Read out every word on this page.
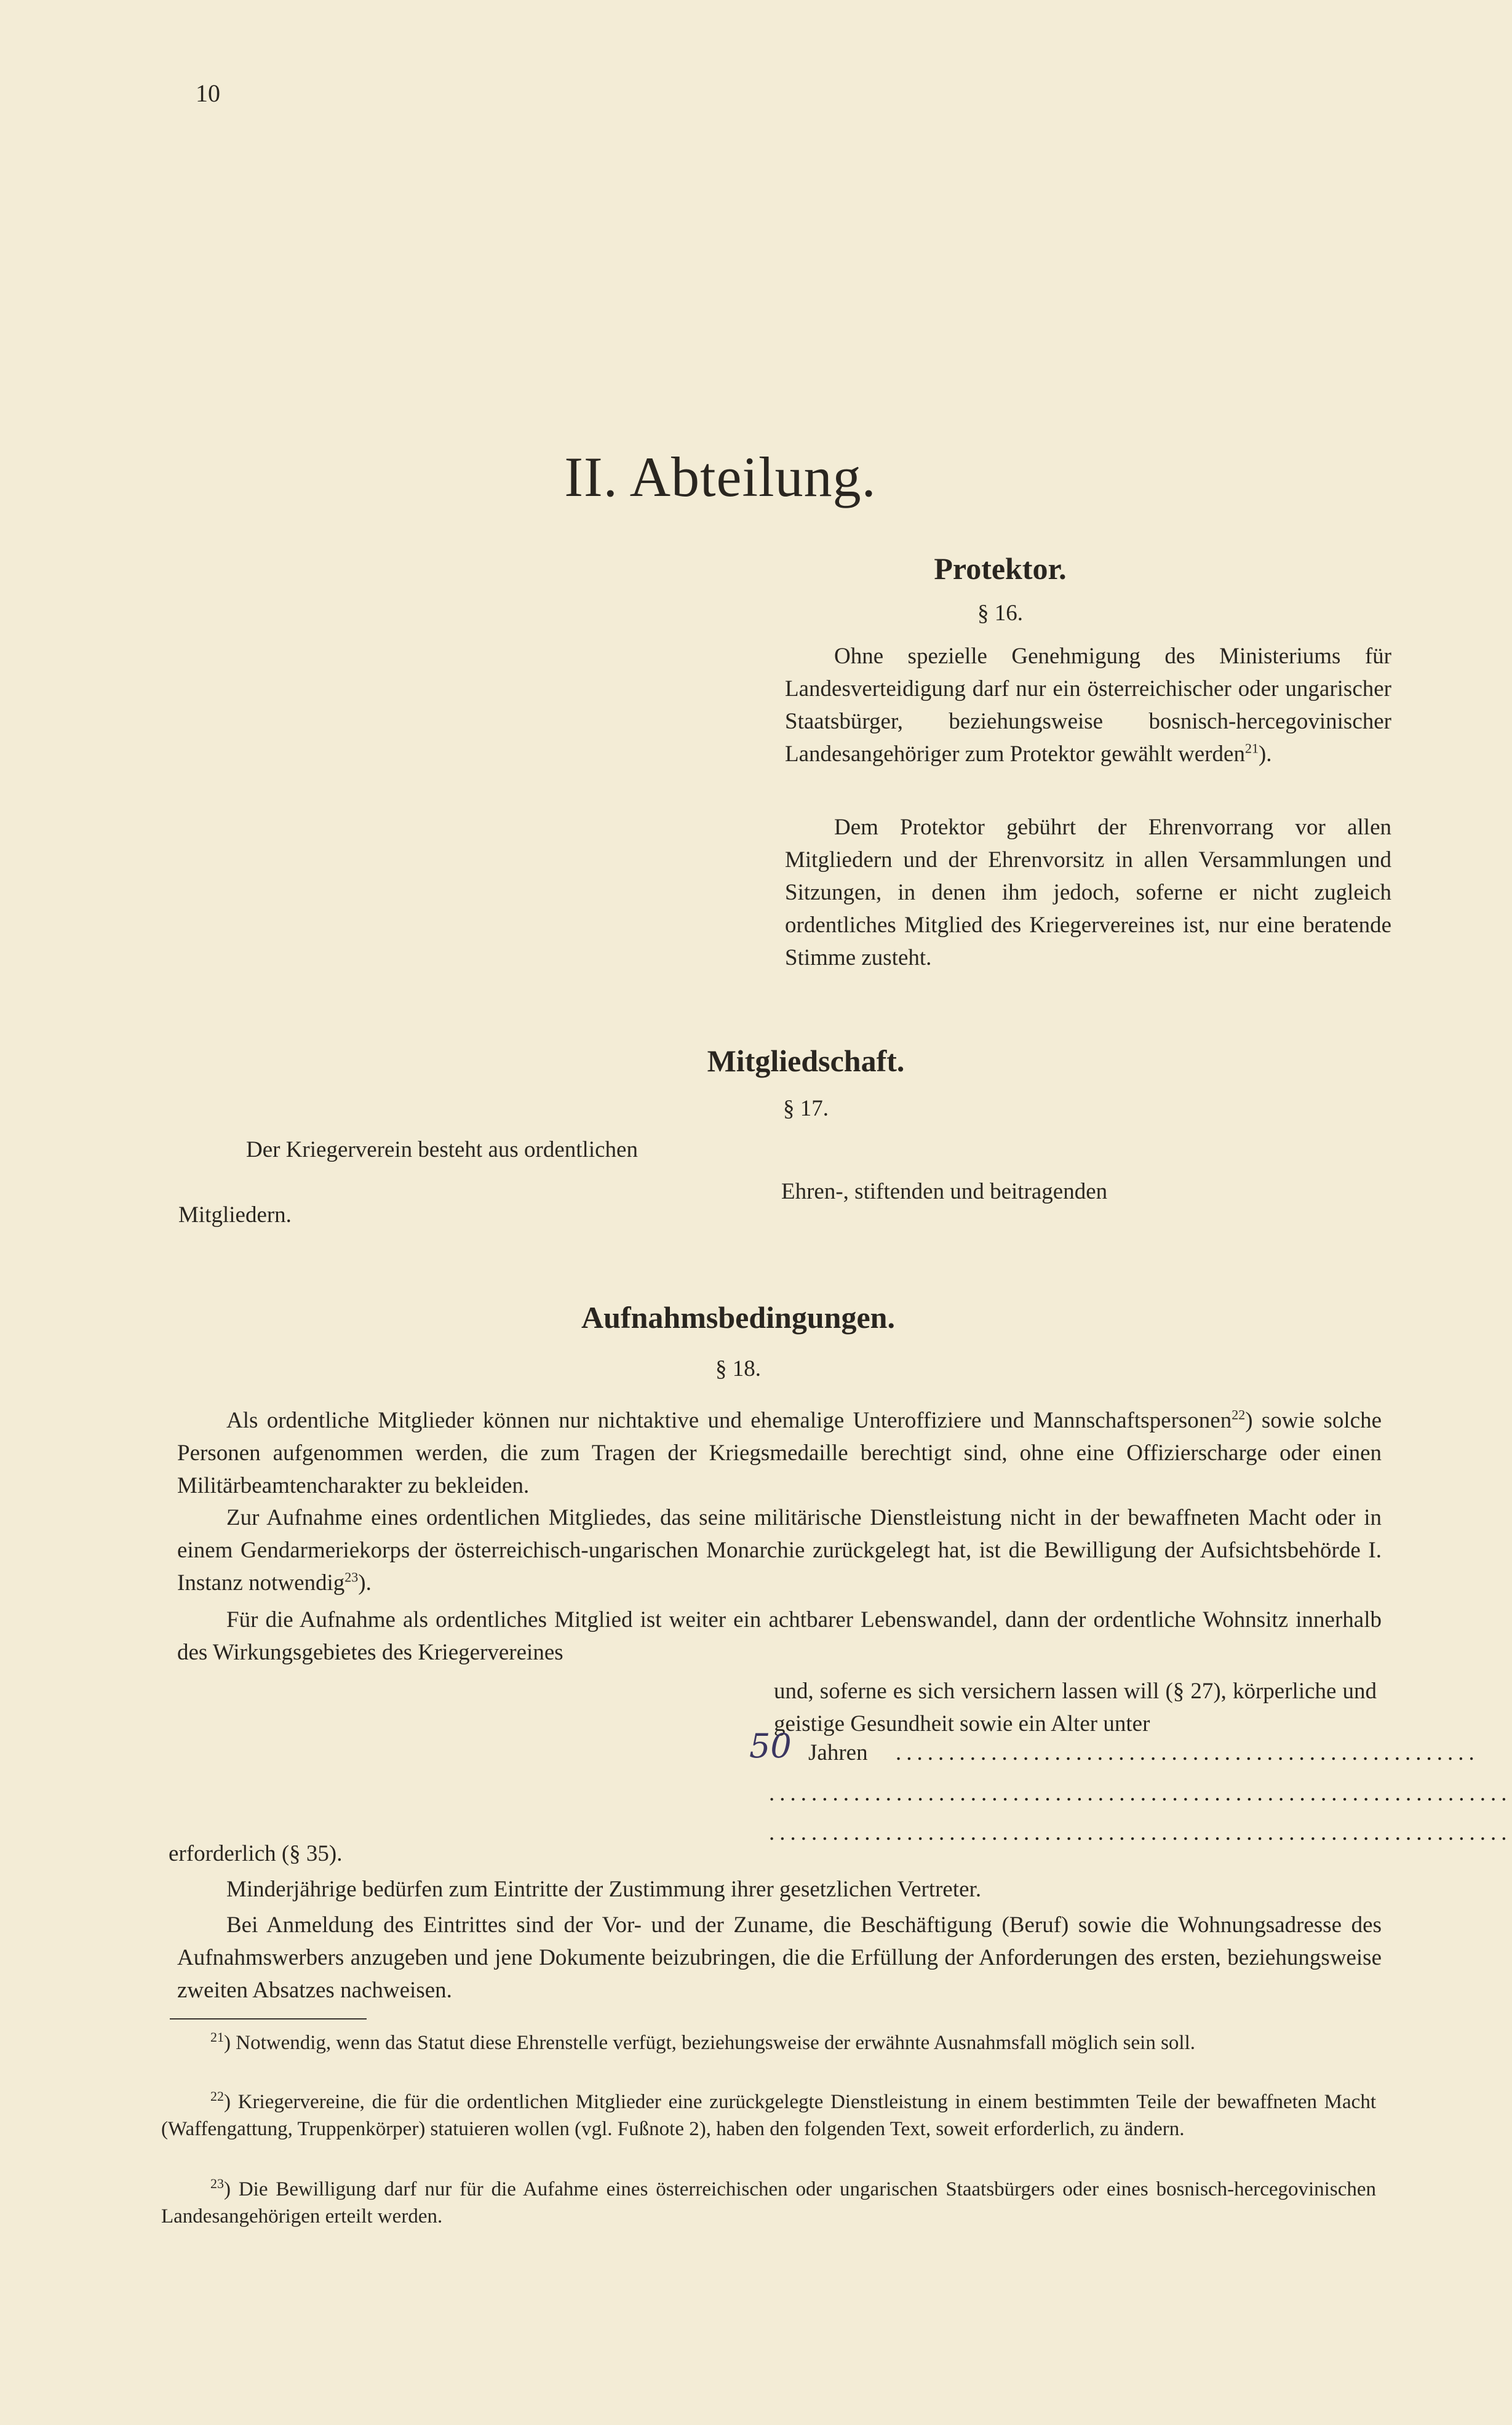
10
II. Abteilung.
Protektor.
§ 16.
Ohne spezielle Genehmigung des Ministeriums für Landesverteidigung darf nur ein österreichischer oder ungarischer Staatsbürger, beziehungsweise bosnisch-hercegovinischer Landesangehöriger zum Protektor gewählt werden$^{21}$).
Dem Protektor gebührt der Ehrenvorrang vor allen Mitgliedern und der Ehrenvorsitz in allen Versammlungen und Sitzungen, in denen ihm jedoch, soferne er nicht zugleich ordentliches Mitglied des Kriegervereines ist, nur eine beratende Stimme zusteht.
Mitgliedschaft.
§ 17.
Der Kriegerverein besteht aus ordentlichen
Ehren-, stiftenden und beitragenden
Mitgliedern.
Aufnahmsbedingungen.
§ 18.
Als ordentliche Mitglieder können nur nichtaktive und ehemalige Unteroffiziere und Mannschaftspersonen$^{22}$) sowie solche Personen aufgenommen werden, die zum Tragen der Kriegsmedaille berechtigt sind, ohne eine Offizierscharge oder einen Militärbeamtencharakter zu bekleiden.
Zur Aufnahme eines ordentlichen Mitgliedes, das seine militärische Dienstleistung nicht in der bewaffneten Macht oder in einem Gendarmeriekorps der österreichisch-ungarischen Monarchie zurückgelegt hat, ist die Bewilligung der Aufsichtsbehörde I. Instanz notwendig$^{23}$).
Für die Aufnahme als ordentliches Mitglied ist weiter ein achtbarer Lebenswandel, dann der ordentliche Wohnsitz innerhalb des Wirkungsgebietes des Kriegervereines
und, soferne es sich versichern lassen will (§ 27), körperliche und geistige Gesundheit sowie ein Alter unter
50 Jahren .......................................................
......................................................................
......................................................................
erforderlich (§ 35).
Minderjährige bedürfen zum Eintritte der Zustimmung ihrer gesetzlichen Vertreter.
Bei Anmeldung des Eintrittes sind der Vor- und der Zuname, die Beschäftigung (Beruf) sowie die Wohnungsadresse des Aufnahmswerbers anzugeben und jene Dokumente beizubringen, die die Erfüllung der Anforderungen des ersten, beziehungsweise zweiten Absatzes nachweisen.
$^{21}$) Notwendig, wenn das Statut diese Ehrenstelle verfügt, beziehungsweise der erwähnte Ausnahmsfall möglich sein soll.
$^{22}$) Kriegervereine, die für die ordentlichen Mitglieder eine zurückgelegte Dienstleistung in einem bestimmten Teile der bewaffneten Macht (Waffengattung, Truppenkörper) statuieren wollen (vgl. Fußnote 2), haben den folgenden Text, soweit erforderlich, zu ändern.
$^{23}$) Die Bewilligung darf nur für die Aufahme eines österreichischen oder ungarischen Staatsbürgers oder eines bosnisch-hercegovinischen Landesangehörigen erteilt werden.
